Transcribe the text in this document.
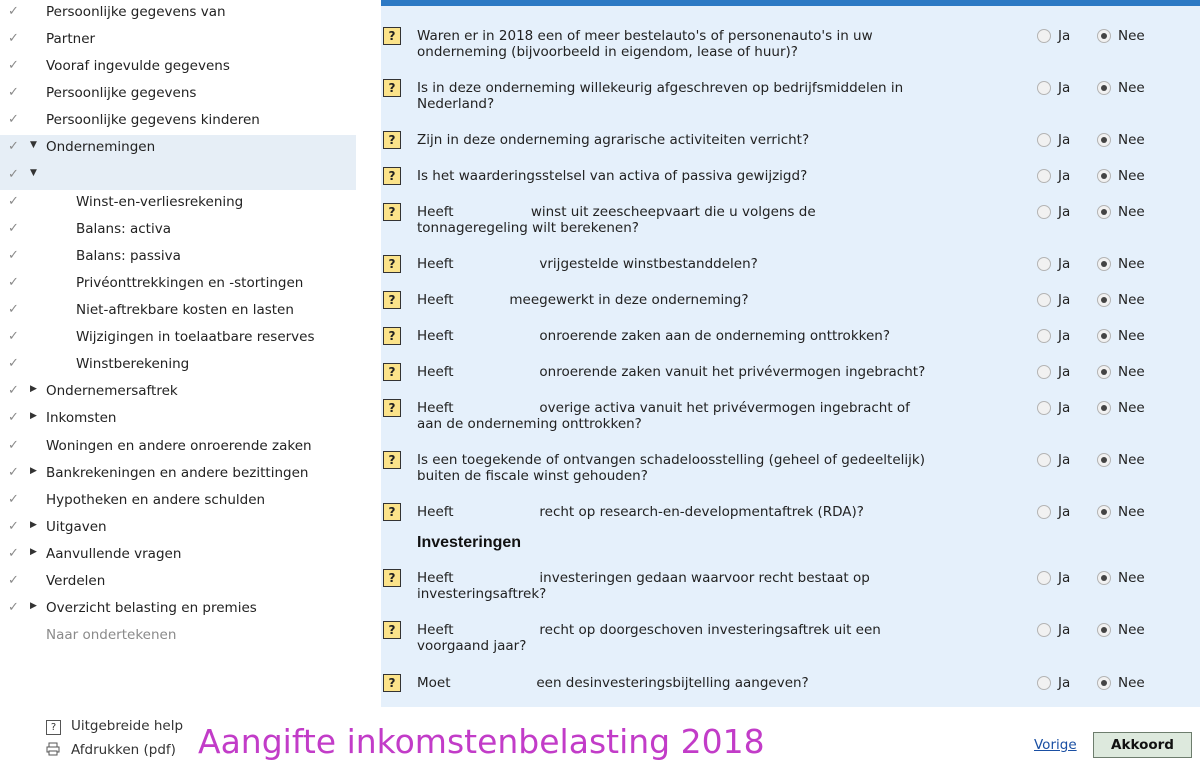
✓ Persoonlijke gegevens van
✓ Partner
✓ Vooraf ingevulde gegevens
✓ Persoonlijke gegevens
✓ Persoonlijke gegevens kinderen
✓ ▼ Ondernemingen
✓ ▼
✓	Winst-en-verliesrekening
✓	Balans: activa
✓	Balans: passiva
✓	Privéonttrekkingen en -stortingen
✓	Niet-aftrekbare kosten en lasten
✓	Wijzigingen in toelaatbare reserves
✓	Winstberekening
✓ ▶ Ondernemersaftrek
✓ ▶ Inkomsten
✓ Woningen en andere onroerende zaken
✓ ▶ Bankrekeningen en andere bezittingen
✓ Hypotheken en andere schulden
✓ ▶ Uitgaven
✓ ▶ Aanvullende vragen
✓ Verdelen
✓ ▶ Overzicht belasting en premies
Naar ondertekenen
?	Uitgebreide help
Afdrukken (pdf) Aangifte inkomstenbelasting 2018
Investeringen
?	Waren er in 2018 een of meer bestelauto's of personenauto's in uw
onderneming (bijvoorbeeld in eigendom, lease of huur)?
Ja	Nee
?	Is in deze onderneming willekeurig afgeschreven op bedrijfsmiddelen in
Nederland?
Ja	Nee
?	Zijn in deze onderneming agrarische activiteiten verricht?	Ja	Nee
?	Is het waarderingsstelsel van activa of passiva gewijzigd?	Ja	Nee
?	Heeft                  winst uit zeescheepvaart die u volgens de
tonnageregeling wilt berekenen?
Ja	Nee
?	Heeft                    vrijgestelde winstbestanddelen?	Ja	Nee
?	Heeft             meegewerkt in deze onderneming?	Ja	Nee
?	Heeft                    onroerende zaken aan de onderneming onttrokken?	Ja	Nee
?	Heeft                    onroerende zaken vanuit het privévermogen ingebracht?	Ja	Nee
?	Heeft                    overige activa vanuit het privévermogen ingebracht of
aan de onderneming onttrokken?
Ja	Nee
?	Is een toegekende of ontvangen schadeloosstelling (geheel of gedeeltelijk)
buiten de fiscale winst gehouden?
Ja	Nee
?	Heeft                    recht op research-en-developmentaftrek (RDA)?	Ja	Nee
?	Heeft                    investeringen gedaan waarvoor recht bestaat op
investeringsaftrek?
Ja	Nee
?	Heeft                    recht op doorgeschoven investeringsaftrek uit een
voorgaand jaar?
Ja	Nee
?	Moet                    een desinvesteringsbijtelling aangeven?	Ja	Nee
Vorige	Akkoord
